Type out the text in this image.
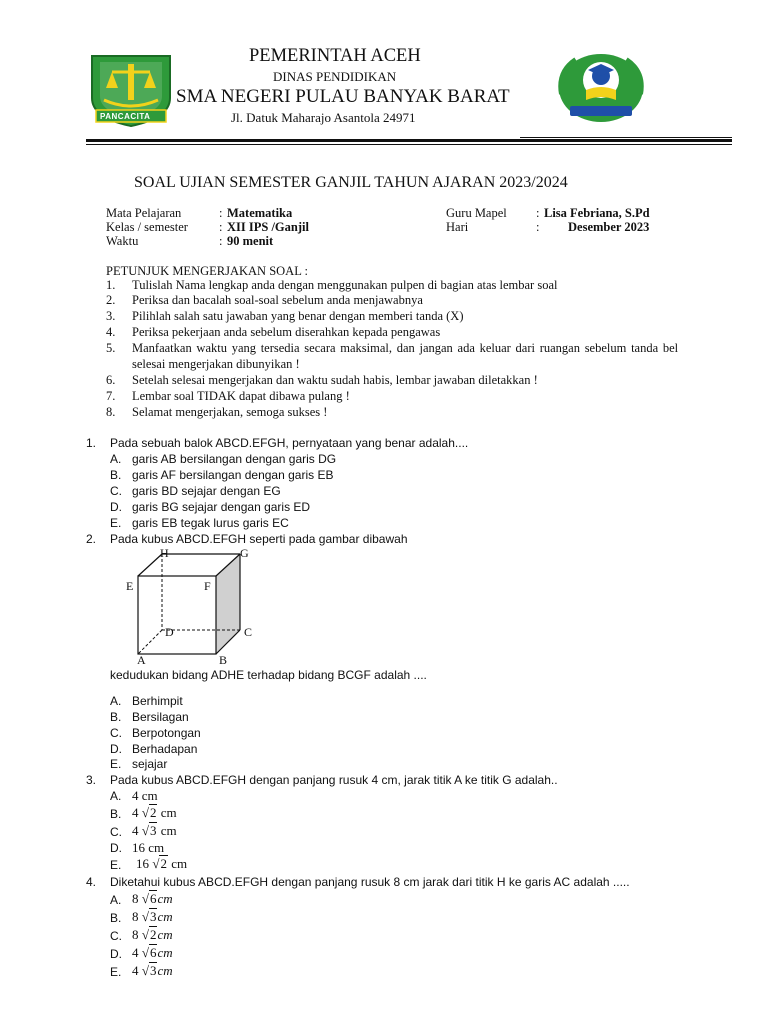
PANCACITA
PEMERINTAH ACEH
DINAS PENDIDIKAN
SMA NEGERI PULAU BANYAK BARAT
Jl. Datuk Maharajo Asantola 24971
SOAL UJIAN SEMESTER GANJIL TAHUN AJARAN 2023/2024
Mata Pelajaran	: Matematika
Kelas / semester : XII IPS /Ganjil
Waktu	: 90 menit
Guru Mapel : Lisa Febriana, S.Pd
Hari	: Desember 2023
PETUNJUK MENGERJAKAN SOAL :
1. Tulislah Nama lengkap anda dengan menggunakan pulpen di bagian atas lembar soal
2. Periksa dan bacalah soal-soal sebelum anda menjawabnya
3. Pilihlah salah satu jawaban yang benar dengan memberi tanda (X)
4. Periksa pekerjaan anda sebelum diserahkan kepada pengawas
5. Manfaatkan waktu yang tersedia secara maksimal, dan jangan ada keluar dari ruangan sebelum tanda bel
selesai mengerjakan dibunyikan !
6. Setelah selesai mengerjakan dan waktu sudah habis, lembar jawaban diletakkan !
7. Lembar soal TIDAK dapat dibawa pulang !
8. Selamat mengerjakan, semoga sukses !
1. Pada sebuah balok ABCD.EFGH, pernyataan yang benar adalah....
A. garis AB bersilangan dengan garis DG
B. garis AF bersilangan dengan garis EB
C. garis BD sejajar dengan EG
D. garis BG sejajar dengan garis ED
E. garis EB tegak lurus garis EC
2. Pada kubus ABCD.EFGH seperti pada gambar dibawah
H	G
E	F
D	C
A	B
kedudukan bidang ADHE terhadap bidang BCGF adalah ....
A. Berhimpit
B. Bersilagan
C. Berpotongan
D. Berhadapan
E. sejajar
3. Pada kubus ABCD.EFGH dengan panjang rusuk 4 cm, jarak titik A ke titik G adalah..
A. 4 cm
B. 4 √2 cm
C. 4 √3 cm
D. 16 cm
E. 16 √2 cm
4. Diketahui kubus ABCD.EFGH dengan panjang rusuk 8 cm jarak dari titik H ke garis AC adalah .....
A. 8 √6cm
B. 8 √3cm
C. 8 √2cm
D. 4 √6cm
E. 4 √3cm
